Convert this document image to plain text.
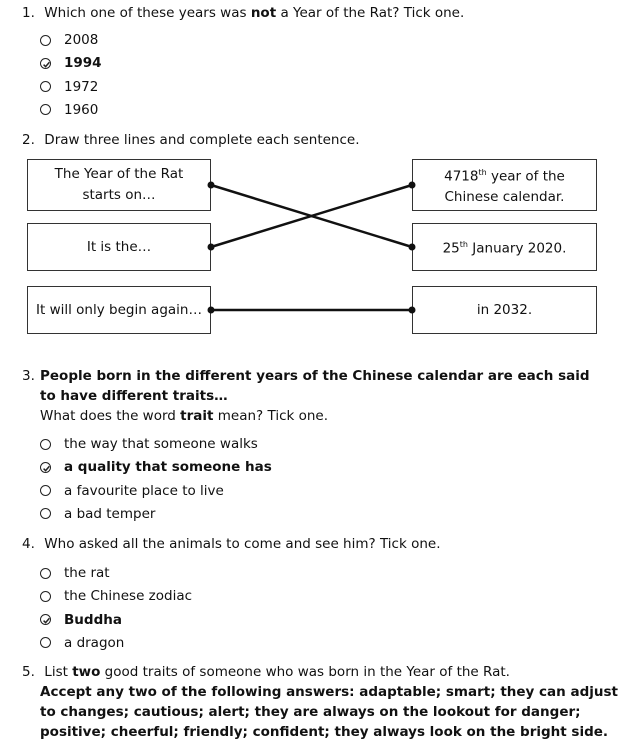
1. Which one of these years was not a Year of the Rat? Tick one.
2008
1994
1972
1960
2. Draw three lines and complete each sentence.
The Year of the Rat starts on…
It is the…
It will only begin again…
4718th year of the Chinese calendar.
25th January 2020.
in 2032.
3. People born in the different years of the Chinese calendar are each said to have different traits…
What does the word trait mean? Tick one.
the way that someone walks
a quality that someone has
a favourite place to live
a bad temper
4. Who asked all the animals to come and see him? Tick one.
the rat
the Chinese zodiac
Buddha
a dragon
5. List two good traits of someone who was born in the Year of the Rat.
Accept any two of the following answers: adaptable; smart; they can adjust to changes; cautious; alert; they are always on the lookout for danger; positive; cheerful; friendly; confident; they always look on the bright side.
